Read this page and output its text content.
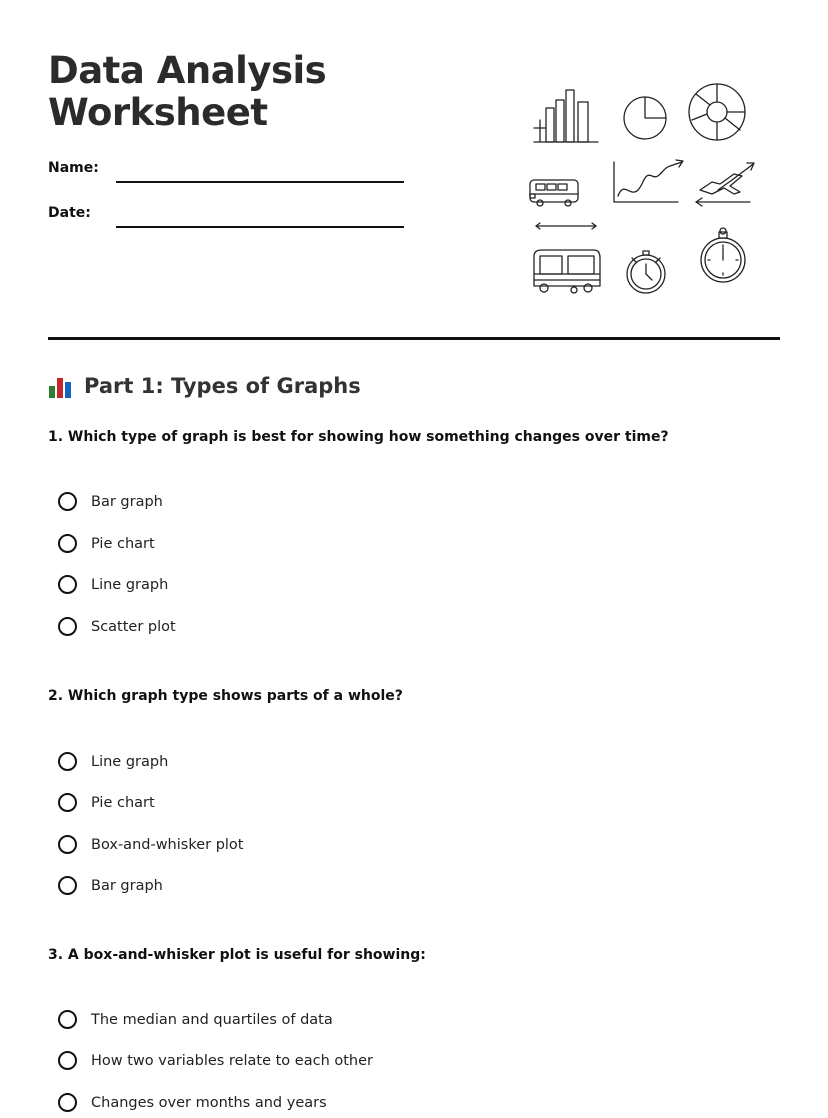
Data Analysis
Worksheet
Name:
Date:
Part 1: Types of Graphs

1. Which type of graph is best for showing how something changes over time?

Bar graph
Pie chart
Line graph
Scatter plot

2. Which graph type shows parts of a whole?

Line graph
Pie chart
Box-and-whisker plot
Bar graph

3. A box-and-whisker plot is useful for showing:

The median and quartiles of data
How two variables relate to each other
Changes over months and years
